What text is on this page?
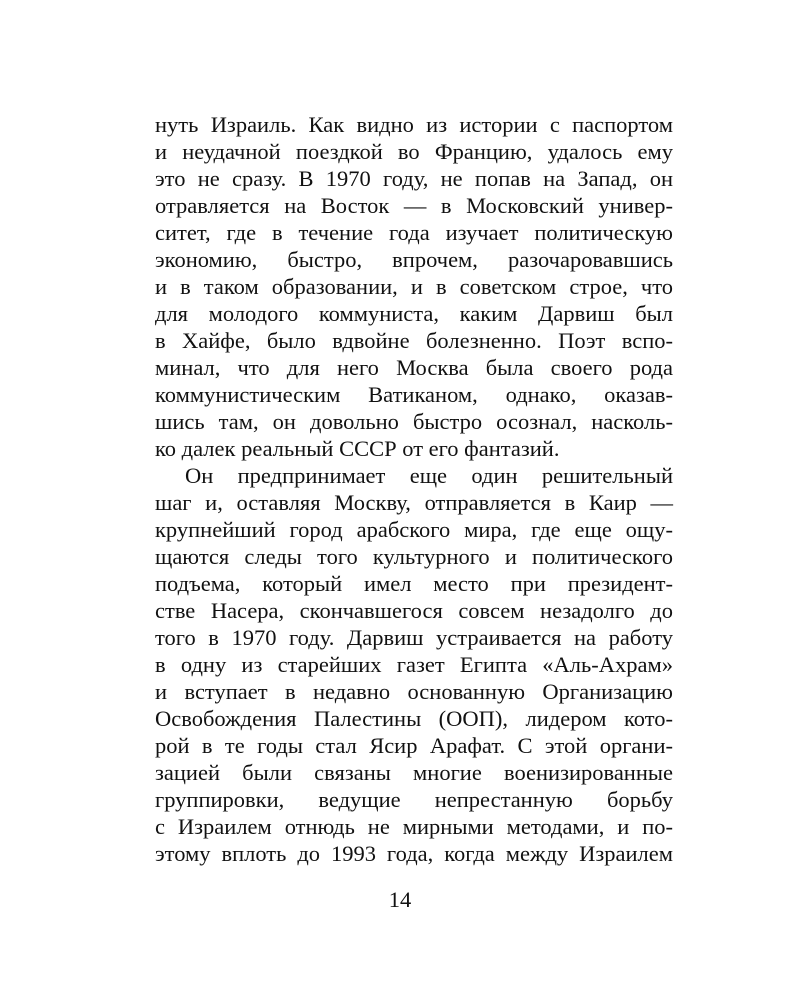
нуть Израиль. Как видно из истории с паспортом
и неудачной поездкой во Францию, удалось ему
это не сразу. В 1970 году, не попав на Запад, он
отравляется на Восток — в Московский универ-
ситет, где в течение года изучает политическую
экономию, быстро, впрочем, разочаровавшись
и в таком образовании, и в советском строе, что
для молодого коммуниста, каким Дарвиш был
в Хайфе, было вдвойне болезненно. Поэт вспо-
минал, что для него Москва была своего рода
коммунистическим Ватиканом, однако, оказав-
шись там, он довольно быстро осознал, насколь-
ко далек реальный СССР от его фантазий.
Он предпринимает еще один решительный
шаг и, оставляя Москву, отправляется в Каир —
крупнейший город арабского мира, где еще ощу-
щаются следы того культурного и политического
подъема, который имел место при президент-
стве Насера, скончавшегося совсем незадолго до
того в 1970 году. Дарвиш устраивается на работу
в одну из старейших газет Египта «Аль-Ахрам»
и вступает в недавно основанную Организацию
Освобождения Палестины (ООП), лидером кото-
рой в те годы стал Ясир Арафат. С этой органи-
зацией были связаны многие военизированные
группировки, ведущие непрестанную борьбу
с Израилем отнюдь не мирными методами, и по-
этому вплоть до 1993 года, когда между Израилем
14
